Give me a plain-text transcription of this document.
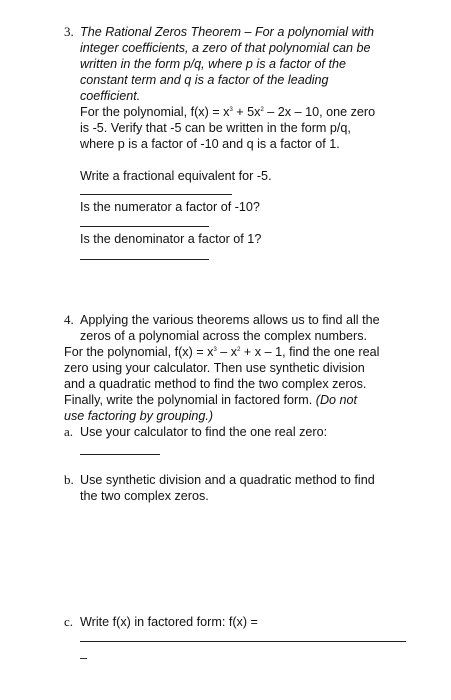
3. The Rational Zeros Theorem – For a polynomial with
integer coefficients, a zero of that polynomial can be
written in the form p/q, where p is a factor of the
constant term and q is a factor of the leading
coefficient.
For the polynomial, $f(x) = x^3 + 5x^2 - 2x - 10$, one zero
is -5. Verify that -5 can be written in the form p/q,
where p is a factor of -10 and q is a factor of 1.
Write a fractional equivalent for -5.
Is the numerator a factor of -10?
Is the denominator a factor of 1?
4. Applying the various theorems allows us to find all the
zeros of a polynomial across the complex numbers.
For the polynomial, $f(x) = x^3 - x^2 + x - 1$, find the one real
zero using your calculator. Then use synthetic division
and a quadratic method to find the two complex zeros.
Finally, write the polynomial in factored form. (Do not
use factoring by grouping.)
a. Use your calculator to find the one real zero:
b. Use synthetic division and a quadratic method to find
the two complex zeros.
c. Write f(x) in factored form: f(x) =
–
